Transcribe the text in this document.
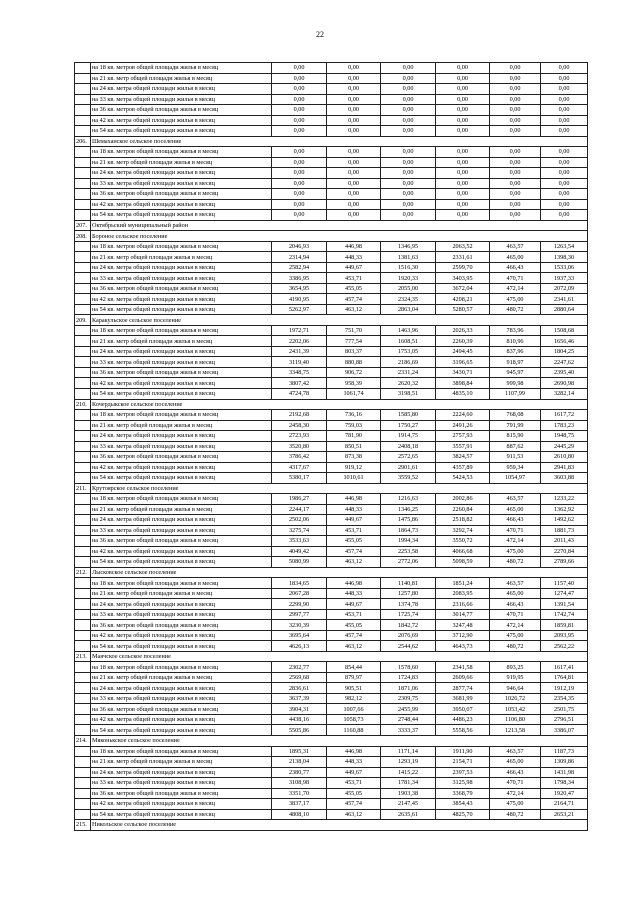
22
	на 18 кв. метров общей площади жилья в месяц	0,00	0,00	0,00	0,00	0,00	0,00
	на 21 кв. метр общей площади жилья в месяц	0,00	0,00	0,00	0,00	0,00	0,00
	на 24 кв. метра общей площади жилья в месяц	0,00	0,00	0,00	0,00	0,00	0,00
	на 33 кв. метра общей площади жилья в месяц	0,00	0,00	0,00	0,00	0,00	0,00
	на 36 кв. метров общей площади жилья в месяц	0,00	0,00	0,00	0,00	0,00	0,00
	на 42 кв. метра общей площади жилья в месяц	0,00	0,00	0,00	0,00	0,00	0,00
	на 54 кв. метра общей площади жилья в месяц	0,00	0,00	0,00	0,00	0,00	0,00
206.	Шемаханское сельское поселение						
	на 18 кв. метров общей площади жилья в месяц	0,00	0,00	0,00	0,00	0,00	0,00
	на 21 кв. метр общей площади жилья в месяц	0,00	0,00	0,00	0,00	0,00	0,00
	на 24 кв. метра общей площади жилья в месяц	0,00	0,00	0,00	0,00	0,00	0,00
	на 33 кв. метра общей площади жилья в месяц	0,00	0,00	0,00	0,00	0,00	0,00
	на 36 кв. метров общей площади жилья в месяц	0,00	0,00	0,00	0,00	0,00	0,00
	на 42 кв. метра общей площади жилья в месяц	0,00	0,00	0,00	0,00	0,00	0,00
	на 54 кв. метра общей площади жилья в месяц	0,00	0,00	0,00	0,00	0,00	0,00
207.	Октябрьский муниципальный район						
208.	Бороное сельское поселение						
	на 18 кв. метров общей площади жилья в месяц	2046,93	446,98	1346,95	2063,52	463,57	1263,54
	на 21 кв. метр общей площади жилья в месяц	2314,94	448,33	1381,63	2331,61	465,00	1398,30
	на 24 кв. метра общей площади жилья в месяц	2582,94	449,67	1516,30	2599,70	466,43	1533,06
	на 33 кв. метра общей площади жилья в месяц	3386,95	453,71	1920,33	3403,95	470,71	1937,33
	на 36 кв. метров общей площади жилья в месяц	3654,95	455,05	2055,00	3672,04	472,14	2072,09
	на 42 кв. метра общей площади жилья в месяц	4190,95	457,74	2324,35	4208,21	475,00	2341,61
	на 54 кв. метра общей площади жилья в месяц	5262,97	463,12	2863,04	5280,57	480,72	2880,64
209.	Каракульское сельское поселение						
	на 18 кв. метров общей площади жилья в месяц	1972,71	751,70	1463,96	2026,33	783,96	1508,68
	на 21 кв. метр общей площади жилья в месяц	2202,06	777,54	1608,51	2260,39	810,96	1656,46
	на 24 кв. метра общей площади жилья в месяц	2431,39	803,37	1753,05	2494,45	837,96	1804,25
	на 33 кв. метра общей площади жилья в месяц	3119,40	880,88	2186,69	3196,65	918,97	2247,62
	на 36 кв. метров общей площади жилья в месяц	3348,75	906,72	2331,24	3430,71	945,97	2395,40
	на 42 кв. метра общей площади жилья в месяц	3807,42	958,39	2620,32	3898,84	999,98	2690,98
	на 54 кв. метра общей площади жилья в месяц	4724,78	1061,74	3198,51	4835,10	1107,99	3282,14
210.	Кочердыкское сельское поселение						
	на 18 кв. метров общей площади жилья в месяц	2192,68	736,16	1585,80	2224,60	768,08	1617,72
	на 21 кв. метр общей площади жилья в месяц	2458,30	759,03	1750,27	2491,26	791,99	1783,23
	на 24 кв. метра общей площади жилья в месяц	2723,93	781,90	1914,75	2757,93	815,90	1948,75
	на 33 кв. метра общей площади жилья в месяц	3520,80	850,51	2408,18	3557,91	887,62	2445,29
	на 36 кв. метров общей площади жилья в месяц	3786,42	873,38	2572,65	3824,57	911,53	2610,80
	на 42 кв. метра общей площади жилья в месяц	4317,67	919,12	2901,61	4357,89	959,34	2941,83
	на 54 кв. метра общей площади жилья в месяц	5380,17	1010,61	3559,52	5424,53	1054,97	3603,88
211.	Крутоярское сельское поселение						
	на 18 кв. метров общей площади жилья в месяц	1986,27	446,98	1216,63	2002,86	463,57	1233,22
	на 21 кв. метр общей площади жилья в месяц	2244,17	448,33	1346,25	2260,84	465,00	1362,92
	на 24 кв. метра общей площади жилья в месяц	2502,06	449,67	1475,86	2518,82	466,43	1492,62
	на 33 кв. метра общей площади жилья в месяц	3275,74	453,71	1864,73	3292,74	470,71	1881,73
	на 36 кв. метров общей площади жилья в месяц	3533,63	455,05	1994,34	3550,72	472,14	2011,43
	на 42 кв. метра общей площади жилья в месяц	4049,42	457,74	2253,58	4066,68	475,00	2270,84
	на 54 кв. метра общей площади жилья в месяц	5080,99	463,12	2772,06	5098,59	480,72	2789,66
212.	Лысковское сельское поселение						
	на 18 кв. метров общей площади жилья в месяц	1834,65	446,98	1140,81	1851,24	463,57	1157,40
	на 21 кв. метр общей площади жилья в месяц	2067,28	448,33	1257,80	2083,95	465,00	1274,47
	на 24 кв. метра общей площади жилья в месяц	2299,90	449,67	1374,78	2316,66	466,43	1391,54
	на 33 кв. метра общей площади жилья в месяц	2997,77	453,71	1725,74	3014,77	470,71	1742,74
	на 36 кв. метров общей площади жилья в месяц	3230,39	455,05	1842,72	3247,48	472,14	1859,81
	на 42 кв. метра общей площади жилья в месяц	3695,64	457,74	2076,69	3712,90	475,00	2093,95
	на 54 кв. метра общей площади жилья в месяц	4626,13	463,12	2544,62	4643,73	480,72	2562,22
213.	Маячское сельское поселение						
	на 18 кв. метров общей площади жилья в месяц	2302,77	854,44	1578,60	2341,58	893,25	1617,41
	на 21 кв. метр общей площади жилья в месяц	2569,68	879,97	1724,83	2609,66	919,95	1764,81
	на 24 кв. метра общей площади жилья в месяц	2836,61	905,51	1871,06	2877,74	946,64	1912,19
	на 33 кв. метра общей площади жилья в месяц	3637,39	982,12	2309,75	3681,99	1026,72	2354,35
	на 36 кв. метров общей площади жилья в месяц	3904,31	1007,66	2455,99	3950,07	1053,42	2501,75
	на 42 кв. метра общей площади жилья в месяц	4438,16	1058,73	2748,44	4486,23	1106,80	2796,51
	на 54 кв. метра общей площади жилья в месяц	5505,86	1160,88	3333,37	5558,56	1213,58	3386,07
214.	Мяконькское сельское поселение						
	на 18 кв. метров общей площади жилья в месяц	1895,31	446,98	1171,14	1911,90	463,57	1187,73
	на 21 кв. метр общей площади жилья в месяц	2138,04	448,33	1293,19	2154,71	465,00	1309,86
	на 24 кв. метра общей площади жилья в месяц	2380,77	449,67	1415,22	2397,53	466,43	1431,98
	на 33 кв. метра общей площади жилья в месяц	3108,98	453,71	1781,34	3125,98	470,71	1798,34
	на 36 кв. метров общей площади жилья в месяц	3351,70	455,05	1903,38	3368,79	472,14	1920,47
	на 42 кв. метра общей площади жилья в месяц	3837,17	457,74	2147,45	3854,43	475,00	2164,71
	на 54 кв. метра общей площади жилья в месяц	4808,10	463,12	2635,61	4825,70	480,72	2653,21
215.	Никольское сельское поселение						
